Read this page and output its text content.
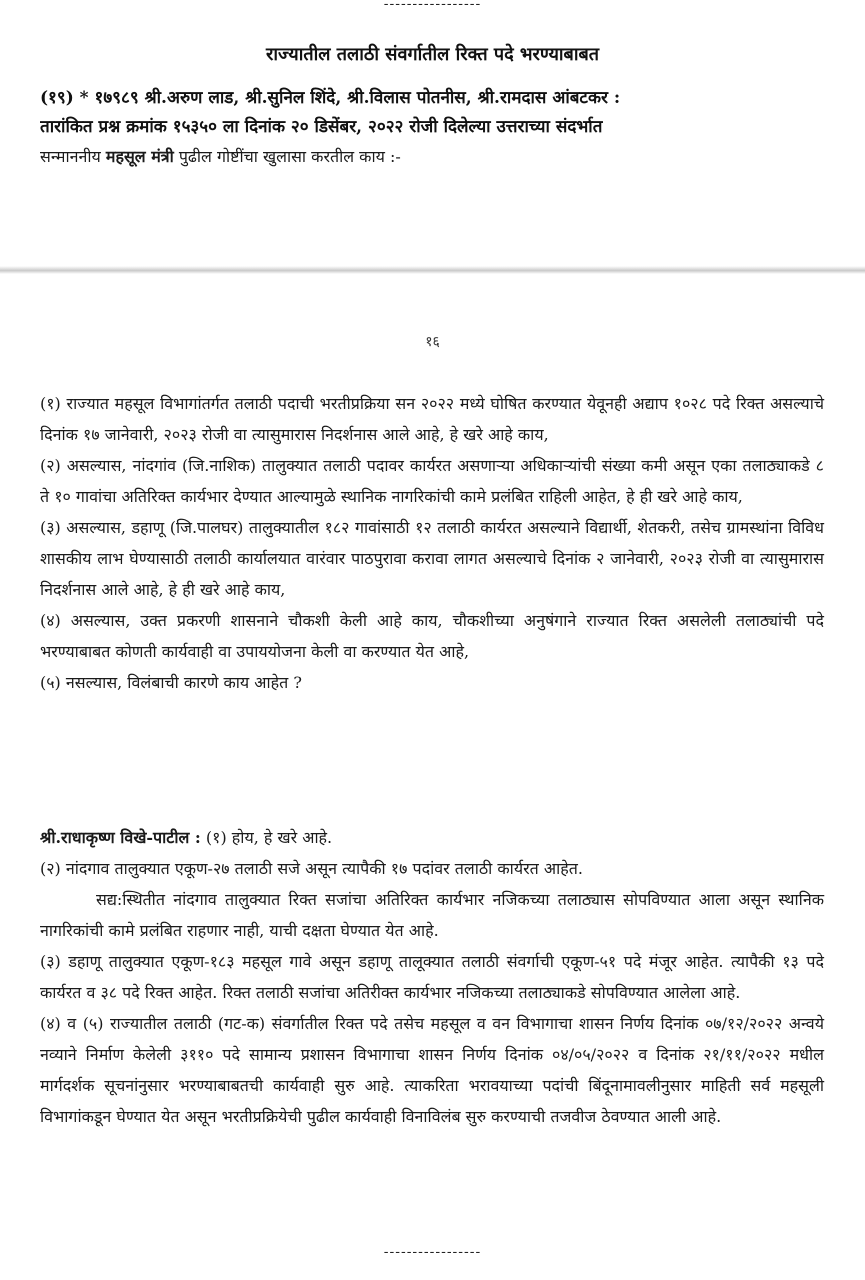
-----------------
राज्यातील तलाठी संवर्गातील रिक्त पदे भरण्याबाबत
(१९) * १७९८९ श्री.अरुण लाड, श्री.सुनिल शिंदे, श्री.विलास पोतनीस, श्री.रामदास आंबटकर :
तारांकित प्रश्न क्रमांक १५३५० ला दिनांक २० डिसेंबर, २०२२ रोजी दिलेल्या उत्तराच्या संदर्भात
सन्माननीय महसूल मंत्री पुढील गोष्टींचा खुलासा करतील काय :-
१६

(१) राज्यात महसूल विभागांतर्गत तलाठी पदाची भरतीप्रक्रिया सन २०२२ मध्ये घोषित करण्यात येवूनही अद्याप १०२८ पदे रिक्त असल्याचे दिनांक १७ जानेवारी, २०२३ रोजी वा त्यासुमारास निदर्शनास आले आहे, हे खरे आहे काय,

(२) असल्यास, नांदगांव (जि.नाशिक) तालुक्यात तलाठी पदावर कार्यरत असणाऱ्या अधिकाऱ्यांची संख्या कमी असून एका तलाठ्याकडे ८ ते १० गावांचा अतिरिक्त कार्यभार देण्यात आल्यामुळे स्थानिक नागरिकांची कामे प्रलंबित राहिली आहेत, हे ही खरे आहे काय,

(३) असल्यास, डहाणू (जि.पालघर) तालुक्यातील १८२ गावांसाठी १२ तलाठी कार्यरत असल्याने विद्यार्थी, शेतकरी, तसेच ग्रामस्थांना विविध शासकीय लाभ घेण्यासाठी तलाठी कार्यालयात वारंवार पाठपुरावा करावा लागत असल्याचे दिनांक २ जानेवारी, २०२३ रोजी वा त्यासुमारास निदर्शनास आले आहे, हे ही खरे आहे काय,

(४) असल्यास, उक्त प्रकरणी शासनाने चौकशी केली आहे काय, चौकशीच्या अनुषंगाने राज्यात रिक्त असलेली तलाठ्यांची पदे भरण्याबाबत कोणती कार्यवाही वा उपाययोजना केली वा करण्यात येत आहे,

(५) नसल्यास, विलंबाची कारणे काय आहेत ?

श्री.राधाकृष्ण विखे-पाटील : (१) होय, हे खरे आहे.

(२) नांदगाव तालुक्यात एकूण-२७ तलाठी सजे असून त्यापैकी १७ पदांवर तलाठी कार्यरत आहेत.

सद्य:स्थितीत नांदगाव तालुक्यात रिक्त सजांचा अतिरिक्त कार्यभार नजिकच्या तलाठ्यास सोपविण्यात आला असून स्थानिक नागरिकांची कामे प्रलंबित राहणार नाही, याची दक्षता घेण्यात येत आहे.

(३) डहाणू तालुक्यात एकूण-१८३ महसूल गावे असून डहाणू तालूक्यात तलाठी संवर्गाची एकूण-५१ पदे मंजूर आहेत. त्यापैकी १३ पदे कार्यरत व ३८ पदे रिक्त आहेत. रिक्त तलाठी सजांचा अतिरीक्त कार्यभार नजिकच्या तलाठ्याकडे सोपविण्यात आलेला आहे.

(४) व (५) राज्यातील तलाठी (गट-क) संवर्गातील रिक्त पदे तसेच महसूल व वन विभागाचा शासन निर्णय दिनांक ०७/१२/२०२२ अन्वये नव्याने निर्माण केलेली ३११० पदे सामान्य प्रशासन विभागाचा शासन निर्णय दिनांक ०४/०५/२०२२ व दिनांक २१/११/२०२२ मधील मार्गदर्शक सूचनांनुसार भरण्याबाबतची कार्यवाही सुरु आहे. त्याकरिता भरावयाच्या पदांची बिंदूनामावलीनुसार माहिती सर्व महसूली विभागांकडून घेण्यात येत असून भरतीप्रक्रियेची पुढील कार्यवाही विनाविलंब सुरु करण्याची तजवीज ठेवण्यात आली आहे.

-----------------
